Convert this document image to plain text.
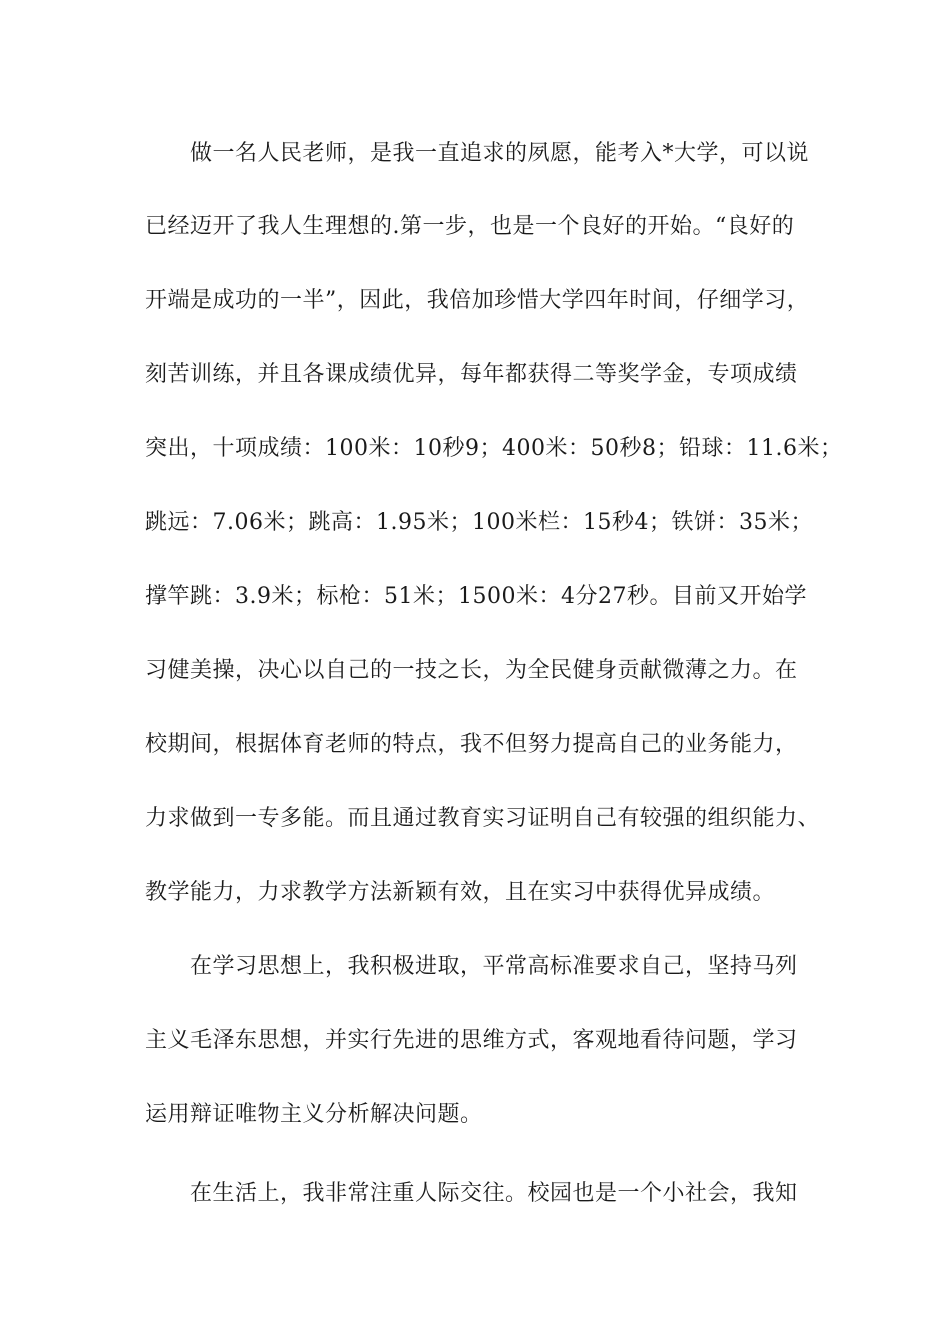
做一名人民老师，是我一直追求的夙愿，能考入*大学，可以说
已经迈开了我人生理想的.第一步，也是一个良好的开始。“良好的
开端是成功的一半”，因此，我倍加珍惜大学四年时间，仔细学习，
刻苦训练，并且各课成绩优异，每年都获得二等奖学金，专项成绩
突出，十项成绩：100米：10秒9；400米：50秒8；铅球：11.6米；
跳远：7.06米；跳高：1.95米；100米栏：15秒4；铁饼：35米；
撑竿跳：3.9米；标枪：51米；1500米：4分27秒。目前又开始学
习健美操，决心以自己的一技之长，为全民健身贡献微薄之力。在
校期间，根据体育老师的特点，我不但努力提高自己的业务能力，
力求做到一专多能。而且通过教育实习证明自己有较强的组织能力、
教学能力，力求教学方法新颖有效，且在实习中获得优异成绩。
在学习思想上，我积极进取，平常高标准要求自己，坚持马列
主义毛泽东思想，并实行先进的思维方式，客观地看待问题，学习
运用辩证唯物主义分析解决问题。
在生活上，我非常注重人际交往。校园也是一个小社会，我知
